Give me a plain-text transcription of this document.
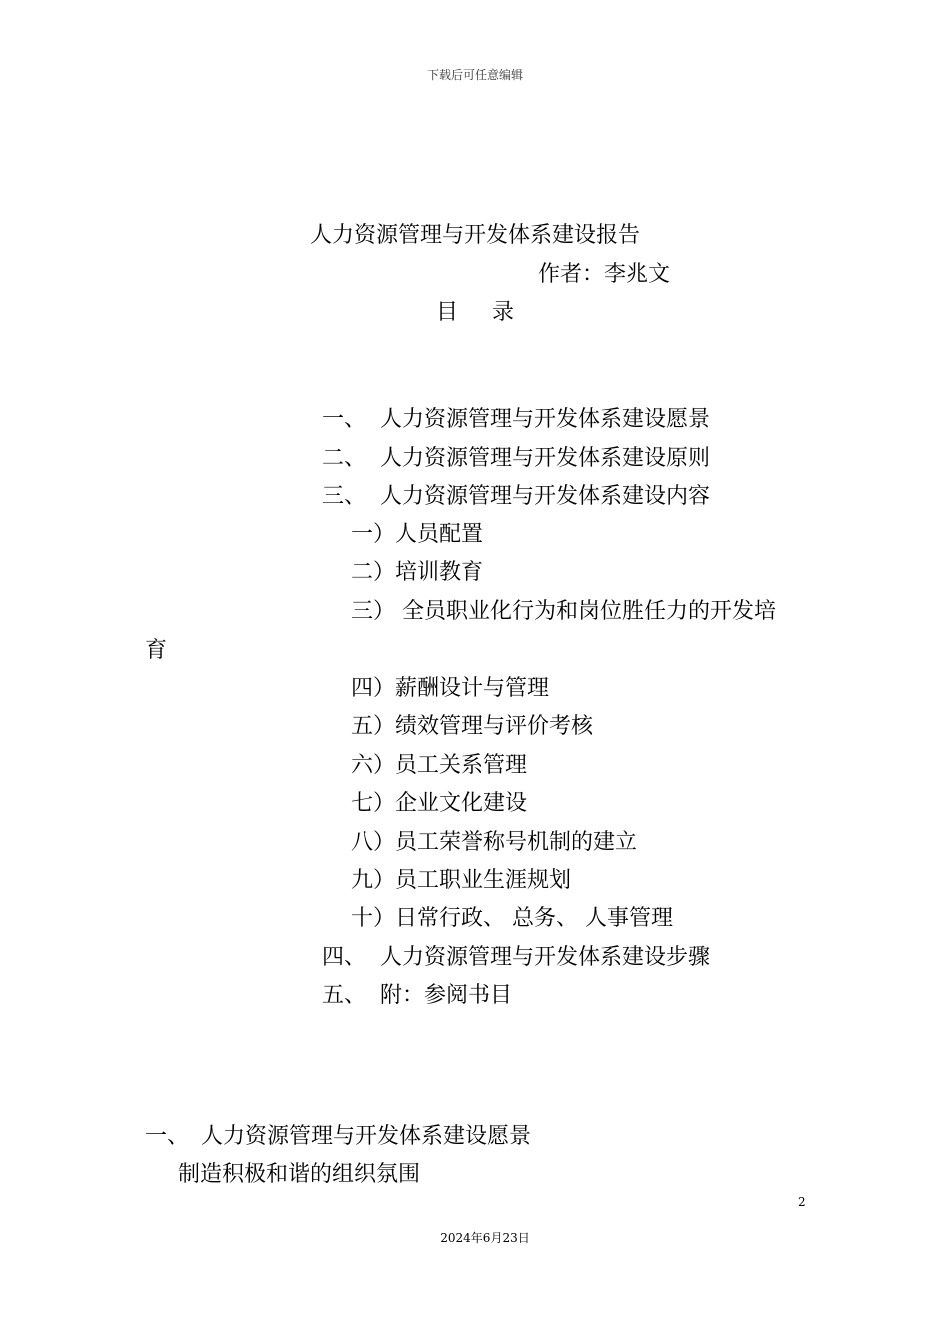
下载后可任意编辑
人力资源管理与开发体系建设报告
作者：李兆文
目录
一、 人力资源管理与开发体系建设愿景
二、 人力资源管理与开发体系建设原则
三、 人力资源管理与开发体系建设内容
一）人员配置
二）培训教育
三） 全员职业化行为和岗位胜任力的开发培
育
四）薪酬设计与管理
五）绩效管理与评价考核
六）员工关系管理
七）企业文化建设
八）员工荣誉称号机制的建立
九）员工职业生涯规划
十）日常行政、 总务、 人事管理
四、 人力资源管理与开发体系建设步骤
五、 附：参阅书目
一、 人力资源管理与开发体系建设愿景
制造积极和谐的组织氛围
2
2024年6月23日
